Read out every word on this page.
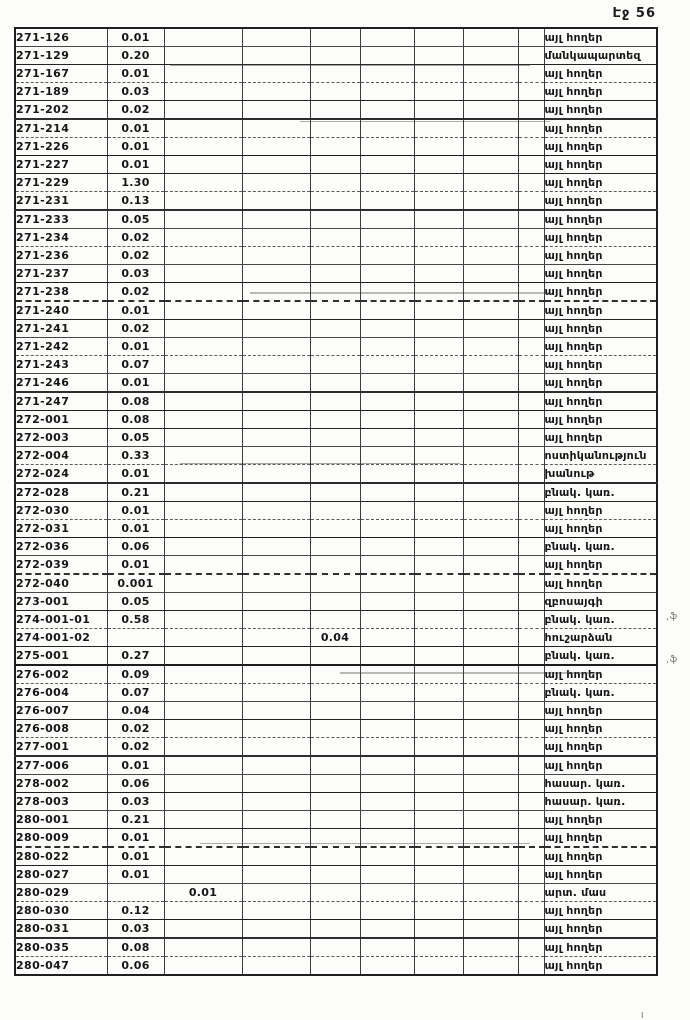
Էջ 56
271-126	0.01								այլ հողեր
271-129	0.20								մանկապարտեզ
271-167	0.01								այլ հողեր
271-189	0.03								այլ հողեր
271-202	0.02								այլ հողեր
271-214	0.01								այլ հողեր
271-226	0.01								այլ հողեր
271-227	0.01								այլ հողեր
271-229	1.30								այլ հողեր
271-231	0.13								այլ հողեր
271-233	0.05								այլ հողեր
271-234	0.02								այլ հողեր
271-236	0.02								այլ հողեր
271-237	0.03								այլ հողեր
271-238	0.02								այլ հողեր
271-240	0.01								այլ հողեր
271-241	0.02								այլ հողեր
271-242	0.01								այլ հողեր
271-243	0.07								այլ հողեր
271-246	0.01								այլ հողեր
271-247	0.08								այլ հողեր
272-001	0.08								այլ հողեր
272-003	0.05								այլ հողեր
272-004	0.33								ոստիկանություն
272-024	0.01								խանութ
272-028	0.21								բնակ. կառ.
272-030	0.01								այլ հողեր
272-031	0.01								այլ հողեր
272-036	0.06								բնակ. կառ.
272-039	0.01								այլ հողեր
272-040	0.001								այլ հողեր
273-001	0.05								զբոսայգի
274-001-01	0.58								բնակ. կառ.
274-001-02				0.04					հուշարձան
275-001	0.27								բնակ. կառ.
276-002	0.09								այլ հողեր
276-004	0.07								բնակ. կառ.
276-007	0.04								այլ հողեր
276-008	0.02								այլ հողեր
277-001	0.02								այլ հողեր
277-006	0.01								այլ հողեր
278-002	0.06								հասար. կառ.
278-003	0.03								հասար. կառ.
280-001	0.21								այլ հողեր
280-009	0.01								այլ հողեր
280-022	0.01								այլ հողեր
280-027	0.01								այլ հողեր
280-029		0.01							արտ. մաս
280-030	0.12								այլ հողեր
280-031	0.03								այլ հողեր
280-035	0.08								այլ հողեր
280-047	0.06								այլ հողեր
,ֆ
,ֆ
׀
